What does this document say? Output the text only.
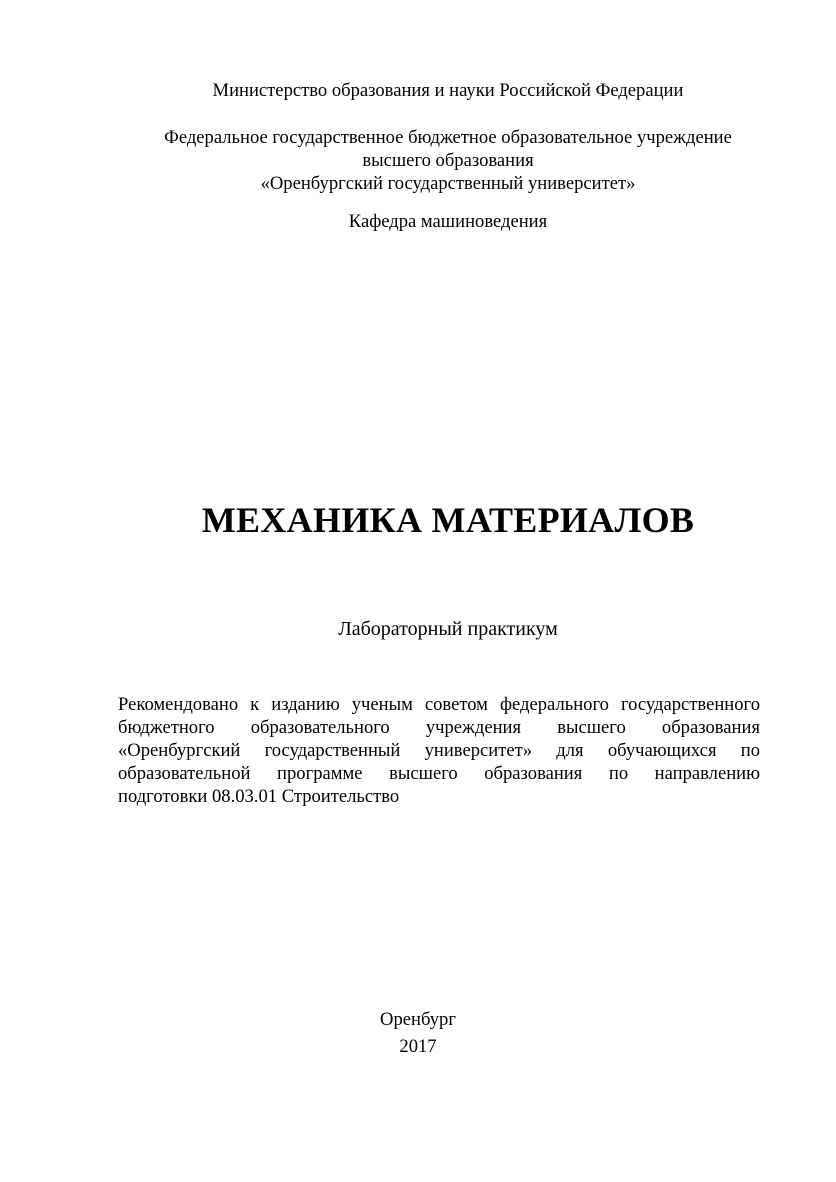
Министерство образования и науки Российской Федерации
Федеральное государственное бюджетное образовательное учреждение
высшего образования
«Оренбургский государственный университет»
Кафедра машиноведения
МЕХАНИКА МАТЕРИАЛОВ
Лабораторный практикум
Рекомендовано к изданию ученым советом федерального государственного
бюджетного образовательного учреждения высшего образования
«Оренбургский государственный университет» для обучающихся по
образовательной программе высшего образования по направлению
подготовки 08.03.01 Строительство
Оренбург
2017
